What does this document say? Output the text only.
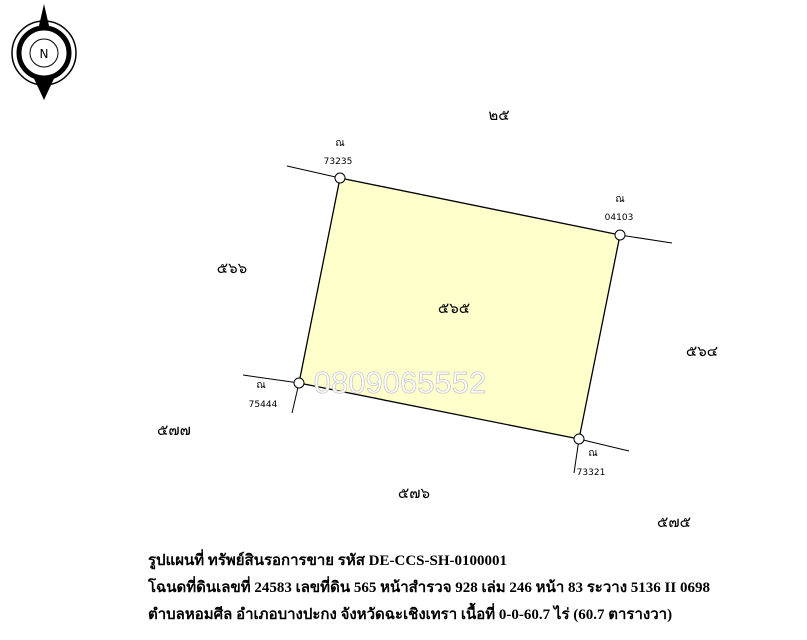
N
ณ
73235
ณ
04103
ณ
75444
ณ
73321
๕๖๕
๒๕
๕๖๖
๕๖๔
๕๗๗
๕๗๖
๕๗๕
0809065552
รูปแผนที่ ทรัพย์สินรอการขาย รหัส DE-CCS-SH-0100001
โฉนดที่ดินเลขที่ 24583 เลขที่ดิน 565 หน้าสำรวจ 928 เล่ม 246 หน้า 83 ระวาง 5136 II 0698
ตำบลหอมศีล อำเภอบางปะกง จังหวัดฉะเชิงเทรา เนื้อที่ 0-0-60.7 ไร่ (60.7 ตารางวา)
